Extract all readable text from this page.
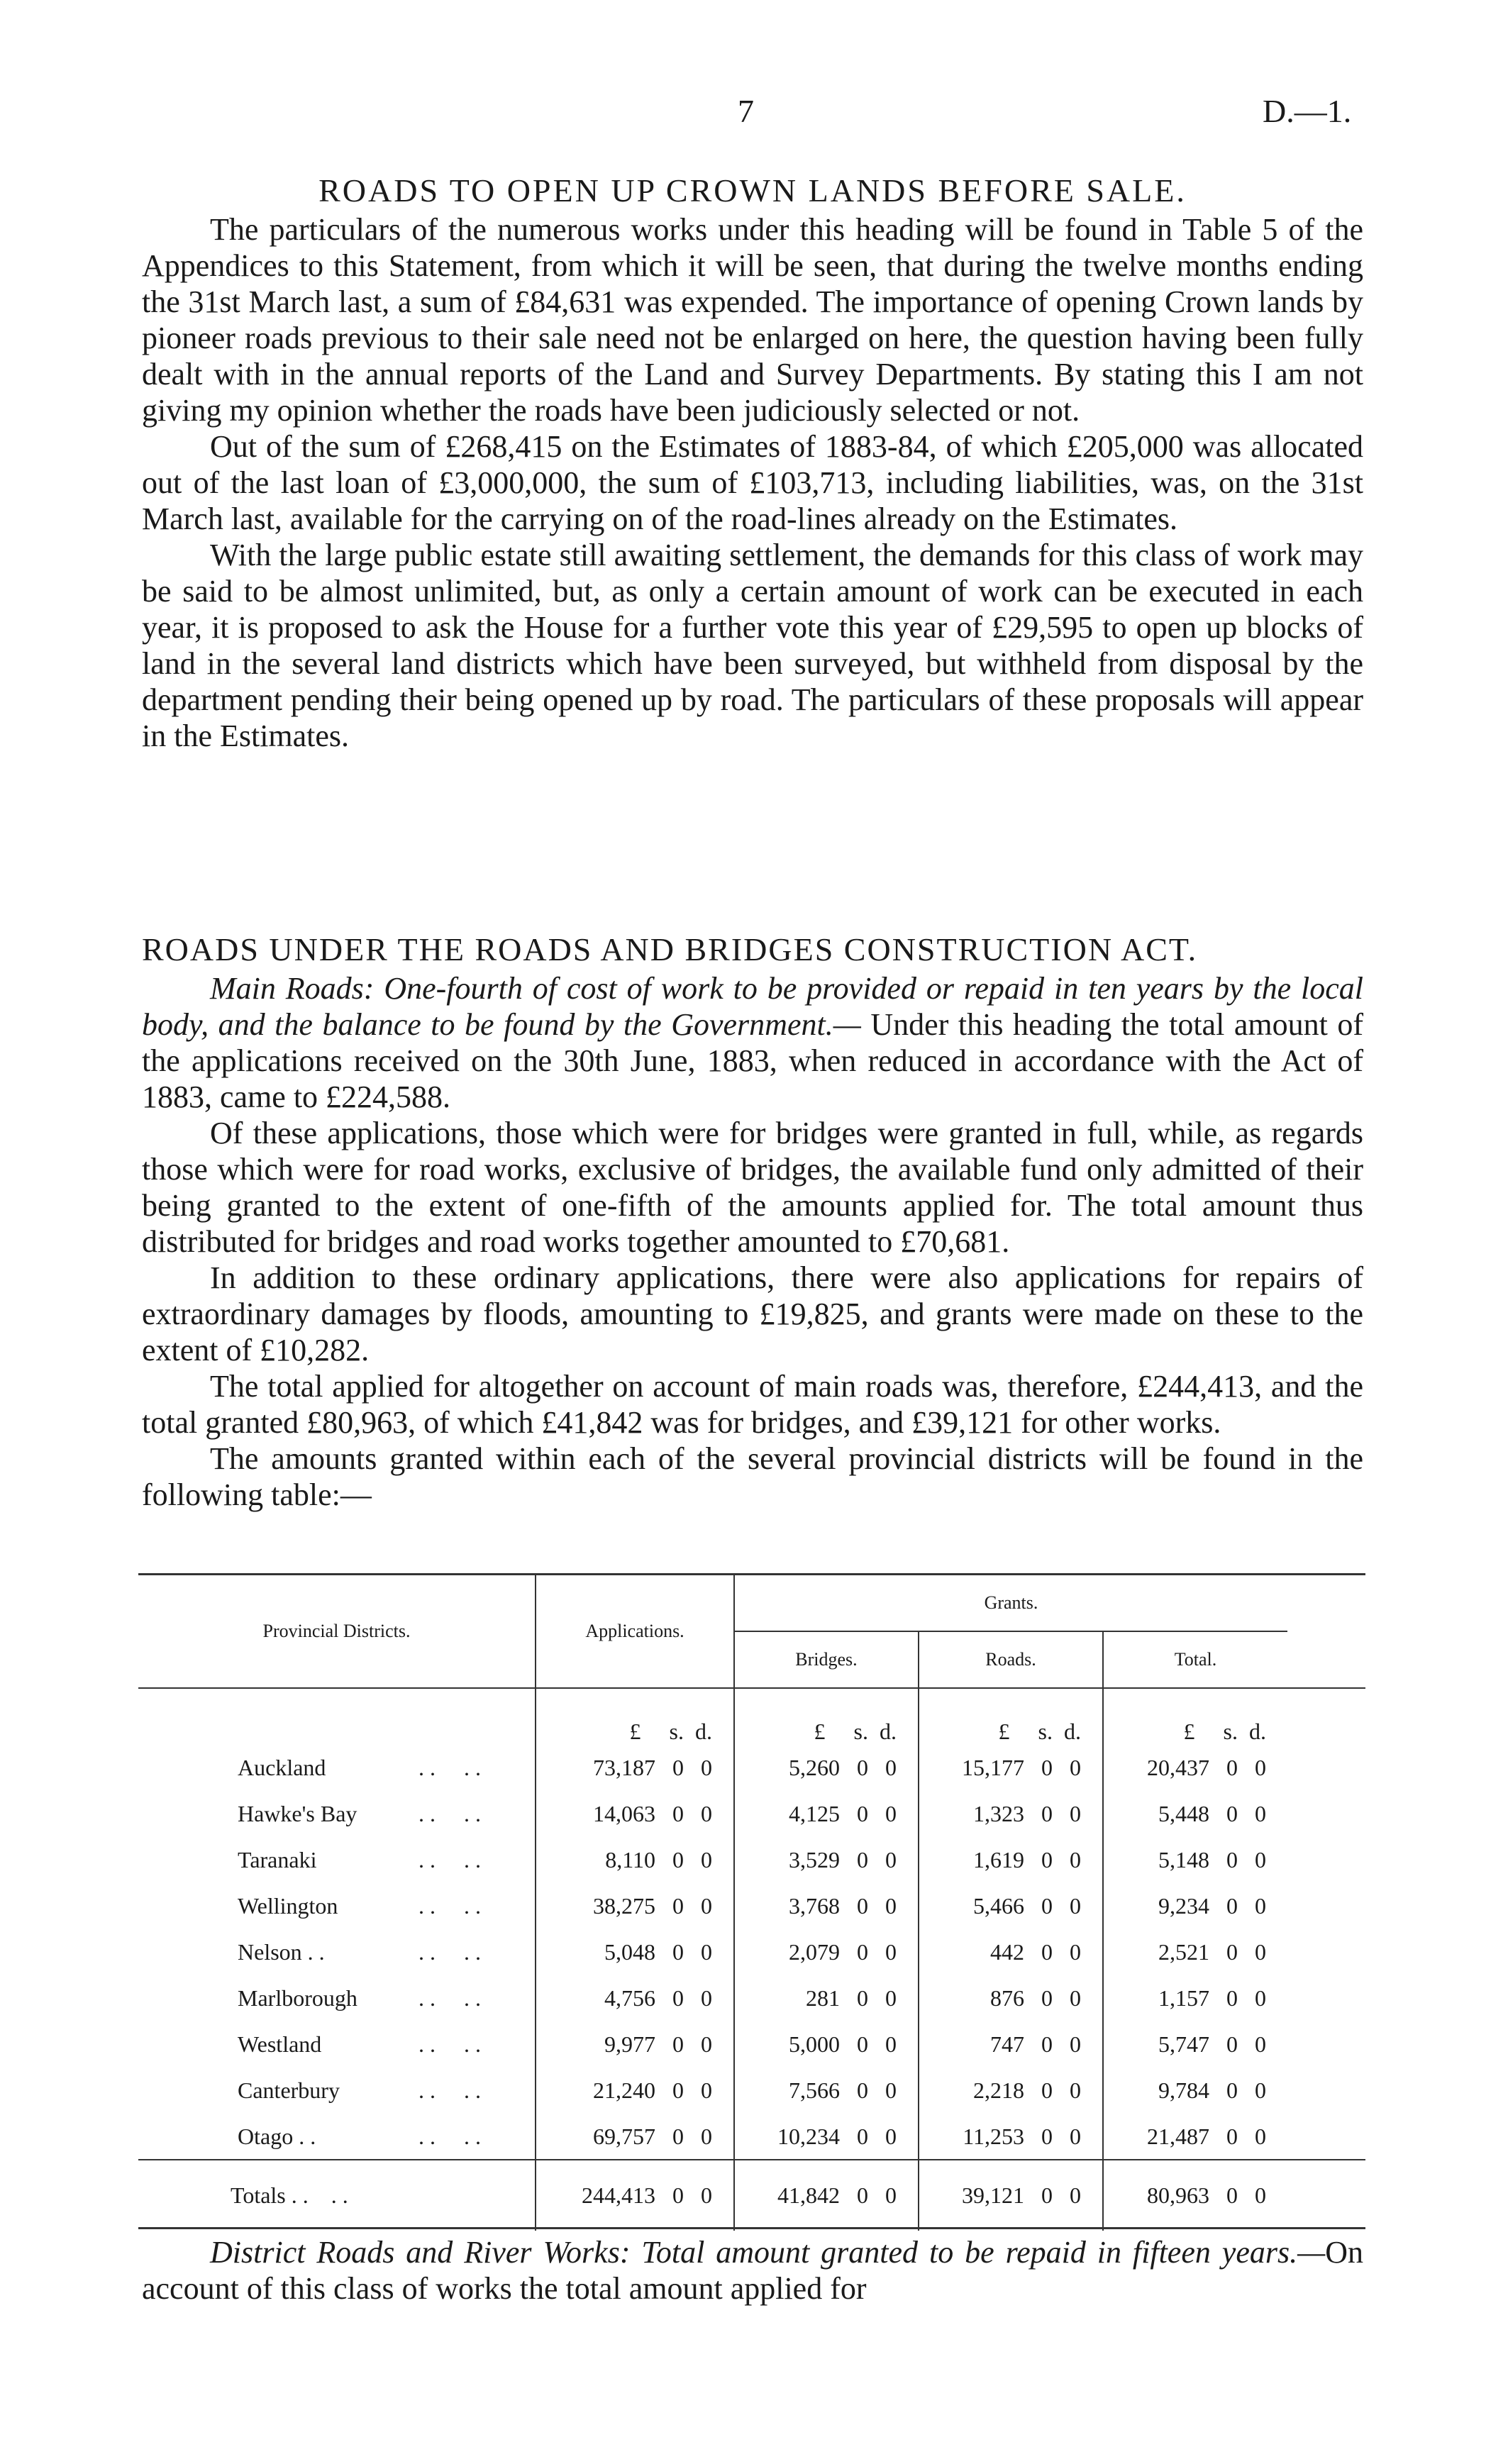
7	D.—1.
ROADS TO OPEN UP CROWN LANDS BEFORE SALE.

The particulars of the numerous works under this heading will be found in Table 5 of the Appendices to this Statement, from which it will be seen, that during the twelve months ending the 31st March last, a sum of £84,631 was expended. The importance of opening Crown lands by pioneer roads previous to their sale need not be enlarged on here, the question having been fully dealt with in the annual reports of the Land and Survey Departments. By stating this I am not giving my opinion whether the roads have been judiciously selected or not.

Out of the sum of £268,415 on the Estimates of 1883-84, of which £205,000 was allocated out of the last loan of £3,000,000, the sum of £103,713, including liabilities, was, on the 31st March last, available for the carrying on of the road-lines already on the Estimates.

With the large public estate still awaiting settlement, the demands for this class of work may be said to be almost unlimited, but, as only a certain amount of work can be executed in each year, it is proposed to ask the House for a further vote this year of £29,595 to open up blocks of land in the several land districts which have been surveyed, but withheld from disposal by the department pending their being opened up by road. The particulars of these proposals will appear in the Estimates.

ROADS UNDER THE ROADS AND BRIDGES CONSTRUCTION ACT.

Main Roads: One-fourth of cost of work to be provided or repaid in ten years by the local body, and the balance to be found by the Government.— Under this heading the total amount of the applications received on the 30th June, 1883, when reduced in accordance with the Act of 1883, came to £224,588.

Of these applications, those which were for bridges were granted in full, while, as regards those which were for road works, exclusive of bridges, the available fund only admitted of their being granted to the extent of one-fifth of the amounts applied for. The total amount thus distributed for bridges and road works together amounted to £70,681.

In addition to these ordinary applications, there were also applications for repairs of extraordinary damages by floods, amounting to £19,825, and grants were made on these to the extent of £10,282.

The total applied for altogether on account of main roads was, therefore, £244,413, and the total granted £80,963, of which £41,842 was for bridges, and £39,121 for other works.

The amounts granted within each of the several provincial districts will be found in the following table:—

Provincial Districts.	Applications.	Grants.			
		Bridges.	Roads.	Total.	
	£ s. d.	£ s. d.	£ s. d.	£ s. d.	
Auckland . .     . .	73,187 0 0	5,260 0 0	15,177 0 0	20,437 0 0	
Hawke's Bay . .     . .	14,063 0 0	4,125 0 0	1,323 0 0	5,448 0 0	
Taranaki . .     . .	8,110 0 0	3,529 0 0	1,619 0 0	5,148 0 0	
Wellington . .     . .	38,275 0 0	3,768 0 0	5,466 0 0	9,234 0 0	
Nelson . . . .     . .	5,048 0 0	2,079 0 0	442 0 0	2,521 0 0	
Marlborough . .     . .	4,756 0 0	281 0 0	876 0 0	1,157 0 0	
Westland . .     . .	9,977 0 0	5,000 0 0	747 0 0	5,747 0 0	
Canterbury . .     . .	21,240 0 0	7,566 0 0	2,218 0 0	9,784 0 0	
Otago . . . .     . .	69,757 0 0	10,234 0 0	11,253 0 0	21,487 0 0	
Totals . . . .	244,413 0 0	41,842 0 0	39,121 0 0	80,963 0 0	

District Roads and River Works: Total amount granted to be repaid in fifteen years.—On account of this class of works the total amount applied for
